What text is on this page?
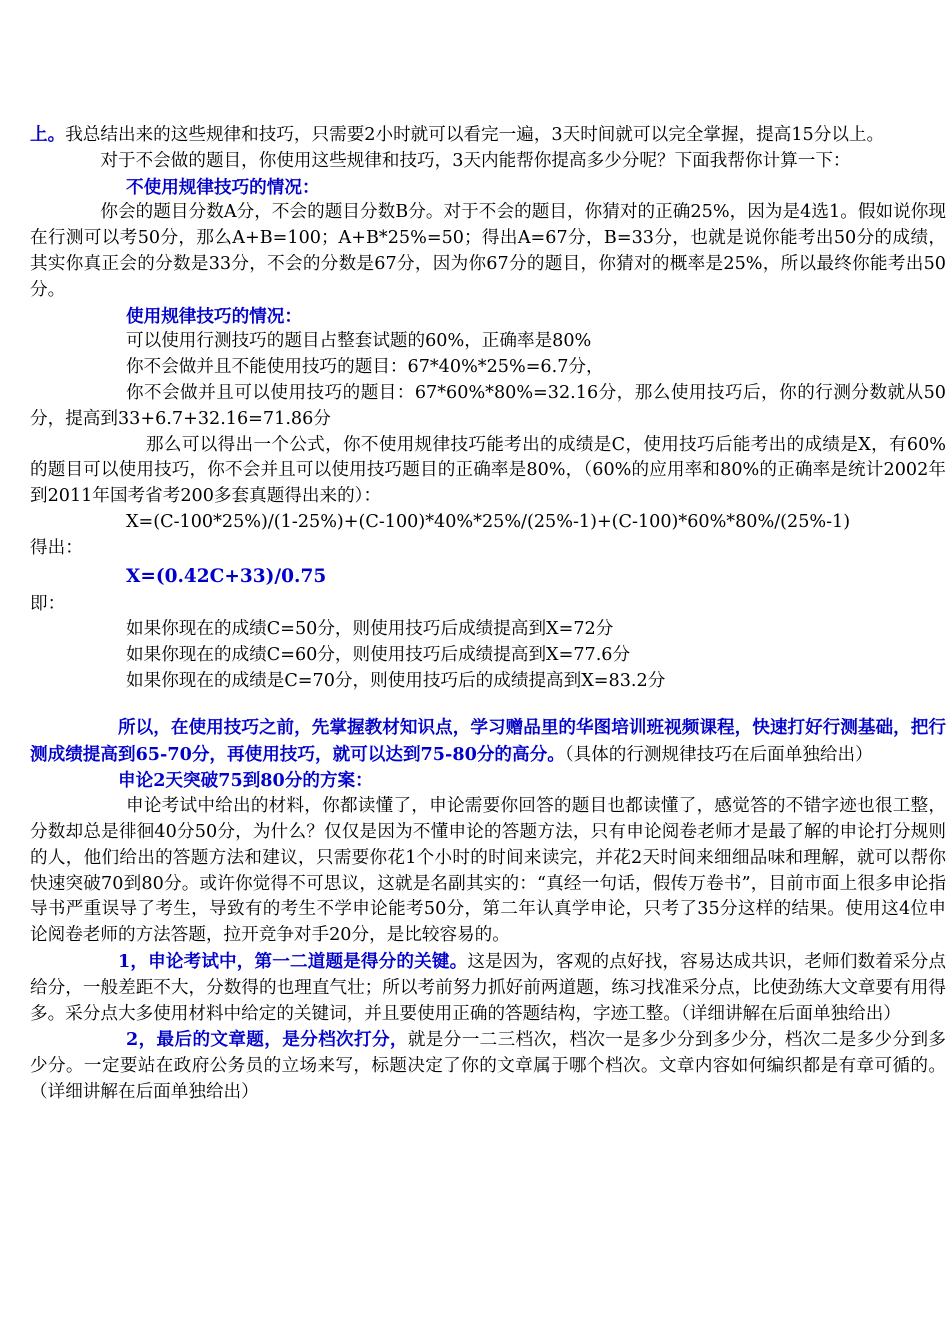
上。我总结出来的这些规律和技巧，只需要2小时就可以看完一遍，3天时间就可以完全掌握，提高15分以上。

对于不会做的题目，你使用这些规律和技巧，3天内能帮你提高多少分呢？下面我帮你计算一下：

不使用规律技巧的情况：

你会的题目分数A分，不会的题目分数B分。对于不会的题目，你猜对的正确25%，因为是4选1。假如说你现在行测可以考50分，那么A+B=100；A+B*25%=50；得出A=67分，B=33分，也就是说你能考出50分的成绩，其实你真正会的分数是33分，不会的分数是67分，因为你67分的题目，你猜对的概率是25%，所以最终你能考出50分。

使用规律技巧的情况：

可以使用行测技巧的题目占整套试题的60%，正确率是80%

你不会做并且不能使用技巧的题目：67*40%*25%=6.7分，

你不会做并且可以使用技巧的题目：67*60%*80%=32.16分，那么使用技巧后，你的行测分数就从50分，提高到33+6.7+32.16=71.86分

那么可以得出一个公式，你不使用规律技巧能考出的成绩是C，使用技巧后能考出的成绩是X，有60%的题目可以使用技巧，你不会并且可以使用技巧题目的正确率是80%，（60%的应用率和80%的正确率是统计2002年到2011年国考省考200多套真题得出来的）：

X=(C-100*25%)/(1-25%)+(C-100)*40%*25%/(25%-1)+(C-100)*60%*80%/(25%-1)

得出：

X=(0.42C+33)/0.75

即：

如果你现在的成绩C=50分，则使用技巧后成绩提高到X=72分

如果你现在的成绩C=60分，则使用技巧后成绩提高到X=77.6分

如果你现在的成绩是C=70分，则使用技巧后的成绩提高到X=83.2分

所以，在使用技巧之前，先掌握教材知识点，学习赠品里的华图培训班视频课程，快速打好行测基础，把行测成绩提高到65-70分，再使用技巧，就可以达到75-80分的高分。（具体的行测规律技巧在后面单独给出）

申论2天突破75到80分的方案：

申论考试中给出的材料，你都读懂了，申论需要你回答的题目也都读懂了，感觉答的不错字迹也很工整，分数却总是徘徊40分50分，为什么？仅仅是因为不懂申论的答题方法，只有申论阅卷老师才是最了解的申论打分规则的人，他们给出的答题方法和建议，只需要你花1个小时的时间来读完，并花2天时间来细细品味和理解，就可以帮你快速突破70到80分。或许你觉得不可思议，这就是名副其实的：“真经一句话，假传万卷书”，目前市面上很多申论指导书严重误导了考生，导致有的考生不学申论能考50分，第二年认真学申论，只考了35分这样的结果。使用这4位申论阅卷老师的方法答题，拉开竞争对手20分，是比较容易的。

1，申论考试中，第一二道题是得分的关键。这是因为，客观的点好找，容易达成共识，老师们数着采分点给分，一般差距不大，分数得的也理直气壮；所以考前努力抓好前两道题，练习找准采分点，比使劲练大文章要有用得多。采分点大多使用材料中给定的关键词，并且要使用正确的答题结构，字迹工整。（详细讲解在后面单独给出）

2，最后的文章题，是分档次打分，就是分一二三档次，档次一是多少分到多少分，档次二是多少分到多少分。一定要站在政府公务员的立场来写，标题决定了你的文章属于哪个档次。文章内容如何编织都是有章可循的。（详细讲解在后面单独给出）
